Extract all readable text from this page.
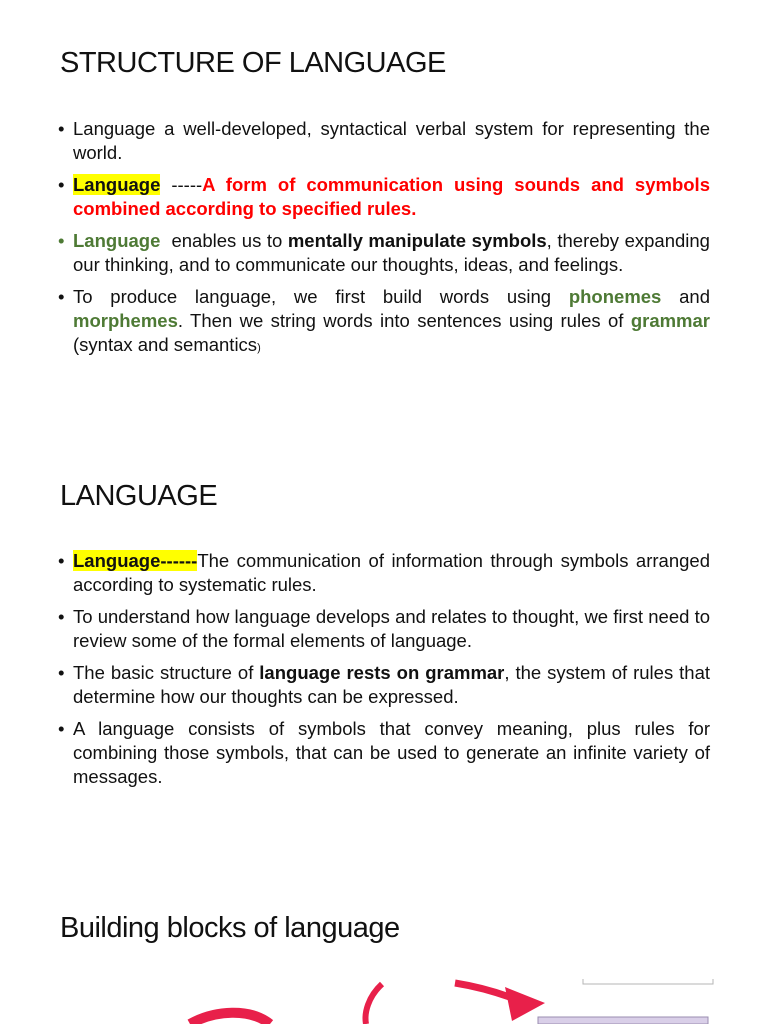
STRUCTURE OF LANGUAGE
• Language a well-developed, syntactical verbal system for representing the world.
• Language -----A form of communication using sounds and symbols combined according to specified rules.
• Language  enables us to mentally manipulate symbols, thereby expanding our thinking, and to communicate our thoughts, ideas, and feelings.
• To produce language, we first build words using phonemes and morphemes. Then we string words into sentences using rules of grammar (syntax and semantics)
LANGUAGE
• Language------The communication of information through symbols arranged according to systematic rules.
• To understand how language develops and relates to thought, we first need to review some of the formal elements of language.
• The basic structure of language rests on grammar, the system of rules that determine how our thoughts can be expressed.
• A language consists of symbols that convey meaning, plus rules for combining those symbols, that can be used to generate an infinite variety of messages.
Building blocks of language
